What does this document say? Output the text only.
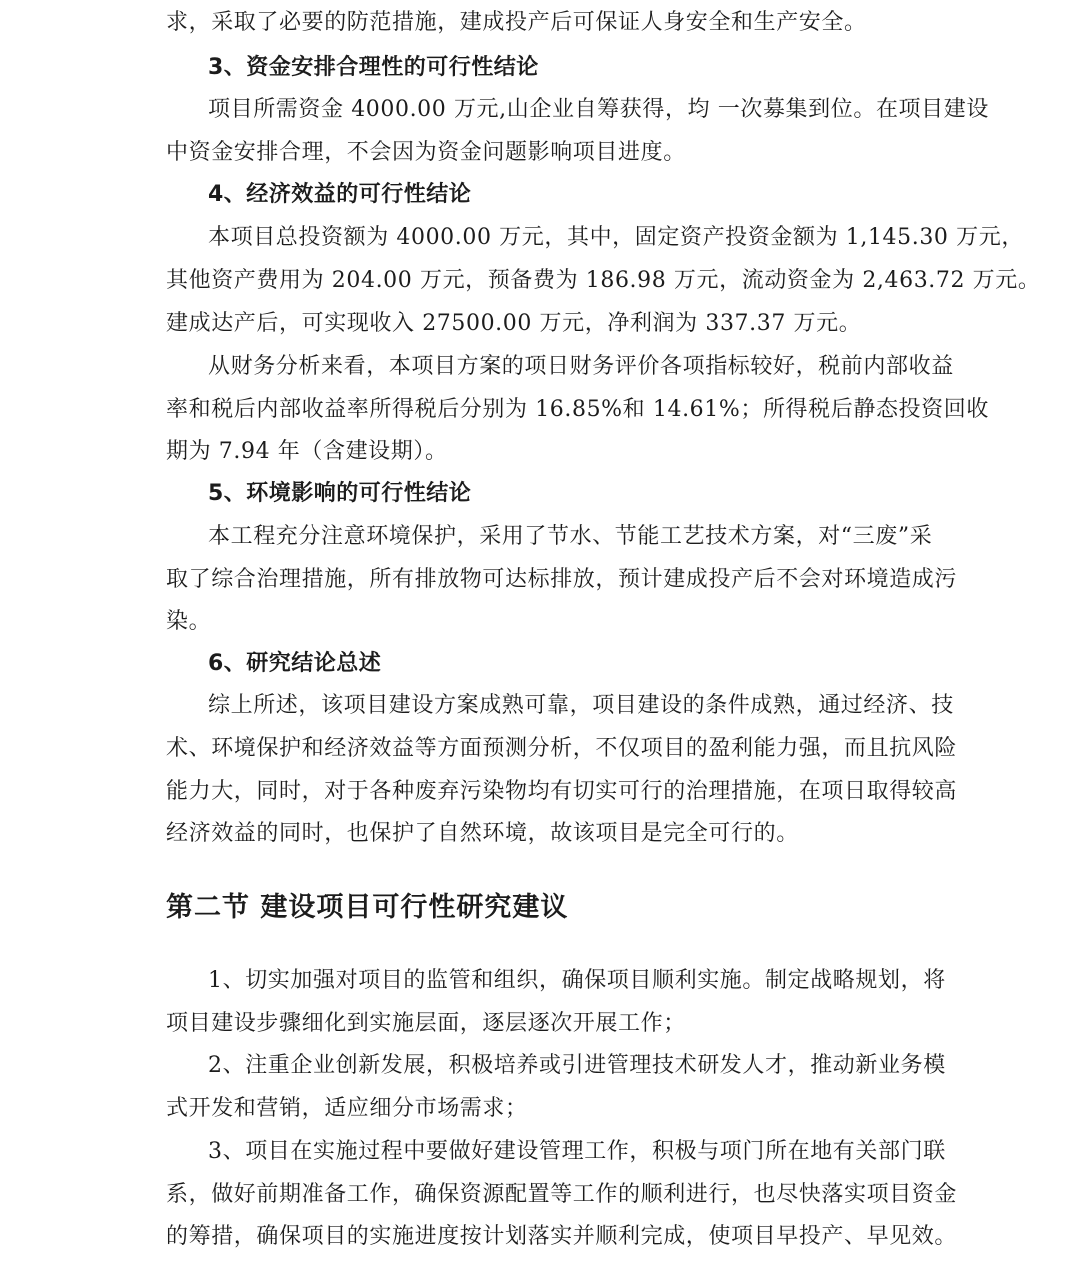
求，采取了必要的防范措施，建成投产后可保证人身安全和生产安全。
3、资金安排合理性的可行性结论
项目所需资金 4000.00 万元,山企业自筹获得，均 一次募集到位。在项目建设
中资金安排合理，不会因为资金问题影响项目进度。
4、经济效益的可行性结论
本项目总投资额为 4000.00 万元，其中，固定资产投资金额为 1,145.30 万元，
其他资产费用为 204.00 万元，预备费为 186.98 万元，流动资金为 2,463.72 万元。
建成达产后，可实现收入 27500.00 万元，净利润为 337.37 万元。
从财务分析来看，本项目方案的项日财务评价各项指标较好，税前内部收益
率和税后内部收益率所得税后分别为 16.85%和 14.61%；所得税后静态投资回收
期为 7.94 年（含建设期）。
5、环境影响的可行性结论
本工程充分注意环境保护，采用了节水、节能工艺技术方案，对“三废”采
取了综合治理措施，所有排放物可达标排放，预计建成投产后不会对环境造成污
染。
6、研究结论总述
综上所述，该项目建设方案成熟可靠，项目建设的条件成熟，通过经济、技
术、环境保护和经济效益等方面预测分析，不仅项目的盈利能力强，而且抗风险
能力大，同时，对于各种废弃污染物均有切实可行的治理措施，在项日取得较高
经济效益的同时，也保护了自然环境，故该项目是完全可行的。
第二节 建设项目可行性研究建议
1、切实加强对项目的监管和组织，确保项目顺利实施。制定战略规划，将
项目建设步骤细化到实施层面，逐层逐次开展工作；
2、注重企业创新发展，积极培养或引进管理技术研发人才，推动新业务模
式开发和营销，适应细分市场需求；
3、项目在实施过程中要做好建设管理工作，积极与项门所在地有关部门联
系，做好前期准备工作，确保资源配置等工作的顺利进行，也尽快落实项目资金
的筹措，确保项目的实施进度按计划落实并顺利完成，使项目早投产、早见效。
